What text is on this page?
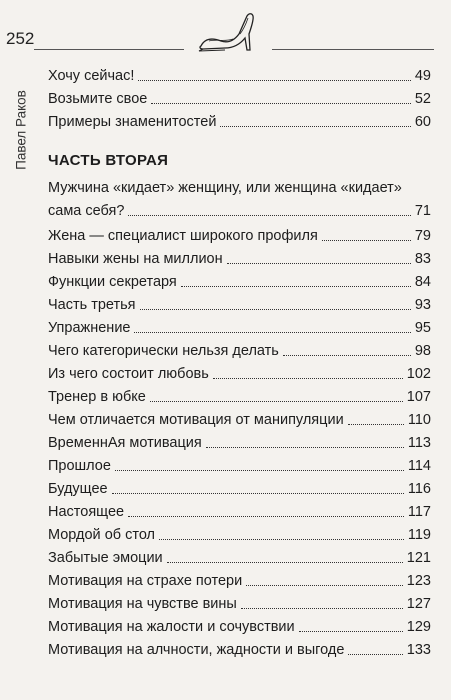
252
Павел Раков
Хочу сейчас!	49
Возьмите свое	52
Примеры знаменитостей	60
ЧАСТЬ ВТОРАЯ
Мужчина «кидает» женщину, или женщина «кидает»
сама себя?	71
Жена — специалист широкого профиля	79
Навыки жены на миллион	83
Функции секретаря	84
Часть третья	93
Упражнение	95
Чего категорически нельзя делать	98
Из чего состоит любовь	102
Тренер в юбке	107
Чем отличается мотивация от манипуляции	110
ВременнАя мотивация	113
Прошлое	114
Будущее	116
Настоящее	117
Мордой об стол	119
Забытые эмоции	121
Мотивация на страхе потери	123
Мотивация на чувстве вины	127
Мотивация на жалости и сочувствии	129
Мотивация на алчности, жадности и выгоде	133
